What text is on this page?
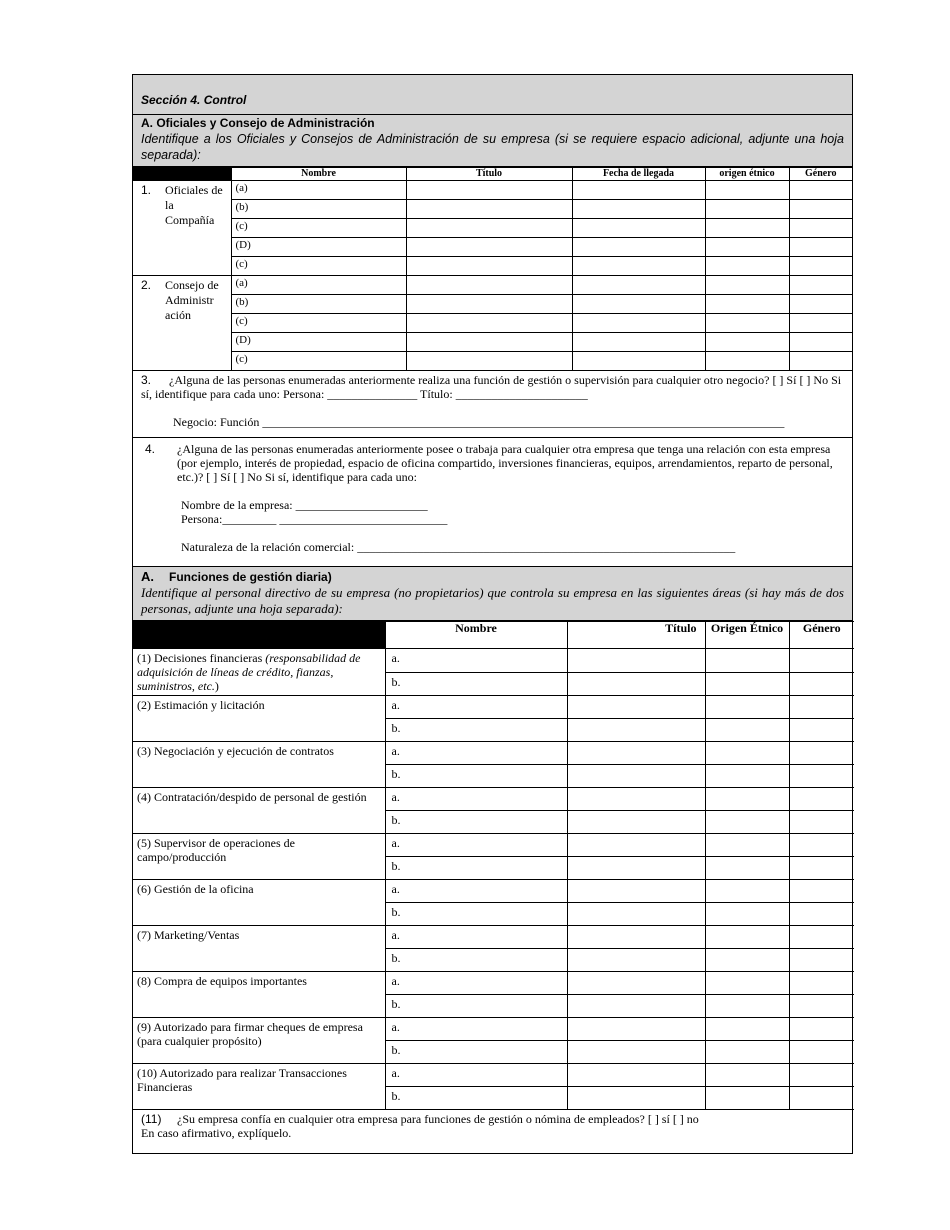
Sección 4. Control
A. Oficiales y Consejo de Administración
Identifique a los Oficiales y Consejos de Administración de su empresa (si se requiere espacio adicional, adjunte una hoja separada):
	Nombre	Título	Fecha de llegada	origen étnico	Género
1. Oficiales de la Compañía	(a)				
	(b)				
	(c)				
	(D)				
	(c)				
2. Consejo de Administr ación	(a)				
	(b)				
	(c)				
	(D)				
	(c)				
3. ¿Alguna de las personas enumeradas anteriormente realiza una función de gestión o supervisión para cualquier otro negocio? [ ] Sí [ ] No Si sí, identifique para cada uno: Persona: _______________ Título: ______________________
Negocio: Función _______________________________________________________________________________________
4.	¿Alguna de las personas enumeradas anteriormente posee o trabaja para cualquier otra empresa que tenga una relación con esta empresa (por ejemplo, interés de propiedad, espacio de oficina compartido, inversiones financieras, equipos, arrendamientos, reparto de personal, etc.)? [ ] Sí [ ] No Si sí, identifique para cada uno:
Nombre de la empresa: ______________________
Persona:_________ ____________________________
Naturaleza de la relación comercial: _______________________________________________________________
A. Funciones de gestión diaria)
Identifique al personal directivo de su empresa (no propietarios) que controla su empresa en las siguientes áreas (si hay más de dos personas, adjunte una hoja separada):
	Nombre	Título	Origen Étnico	Género
(1) Decisiones financieras (responsabilidad de adquisición de líneas de crédito, fianzas, suministros, etc.)	a.			
	b.			
(2) Estimación y licitación	a.			
	b.			
(3) Negociación y ejecución de contratos	a.			
	b.			
(4) Contratación/despido de personal de gestión	a.			
	b.			
(5) Supervisor de operaciones de campo/producción	a.			
	b.			
(6) Gestión de la oficina	a.			
	b.			
(7) Marketing/Ventas	a.			
	b.			
(8) Compra de equipos importantes	a.			
	b.			
(9) Autorizado para firmar cheques de empresa (para cualquier propósito)	a.			
	b.			
(10) Autorizado para realizar Transacciones Financieras	a.			
	b.			
(11) ¿Su empresa confía en cualquier otra empresa para funciones de gestión o nómina de empleados? [ ] sí [ ] no
En caso afirmativo, explíquelo.
